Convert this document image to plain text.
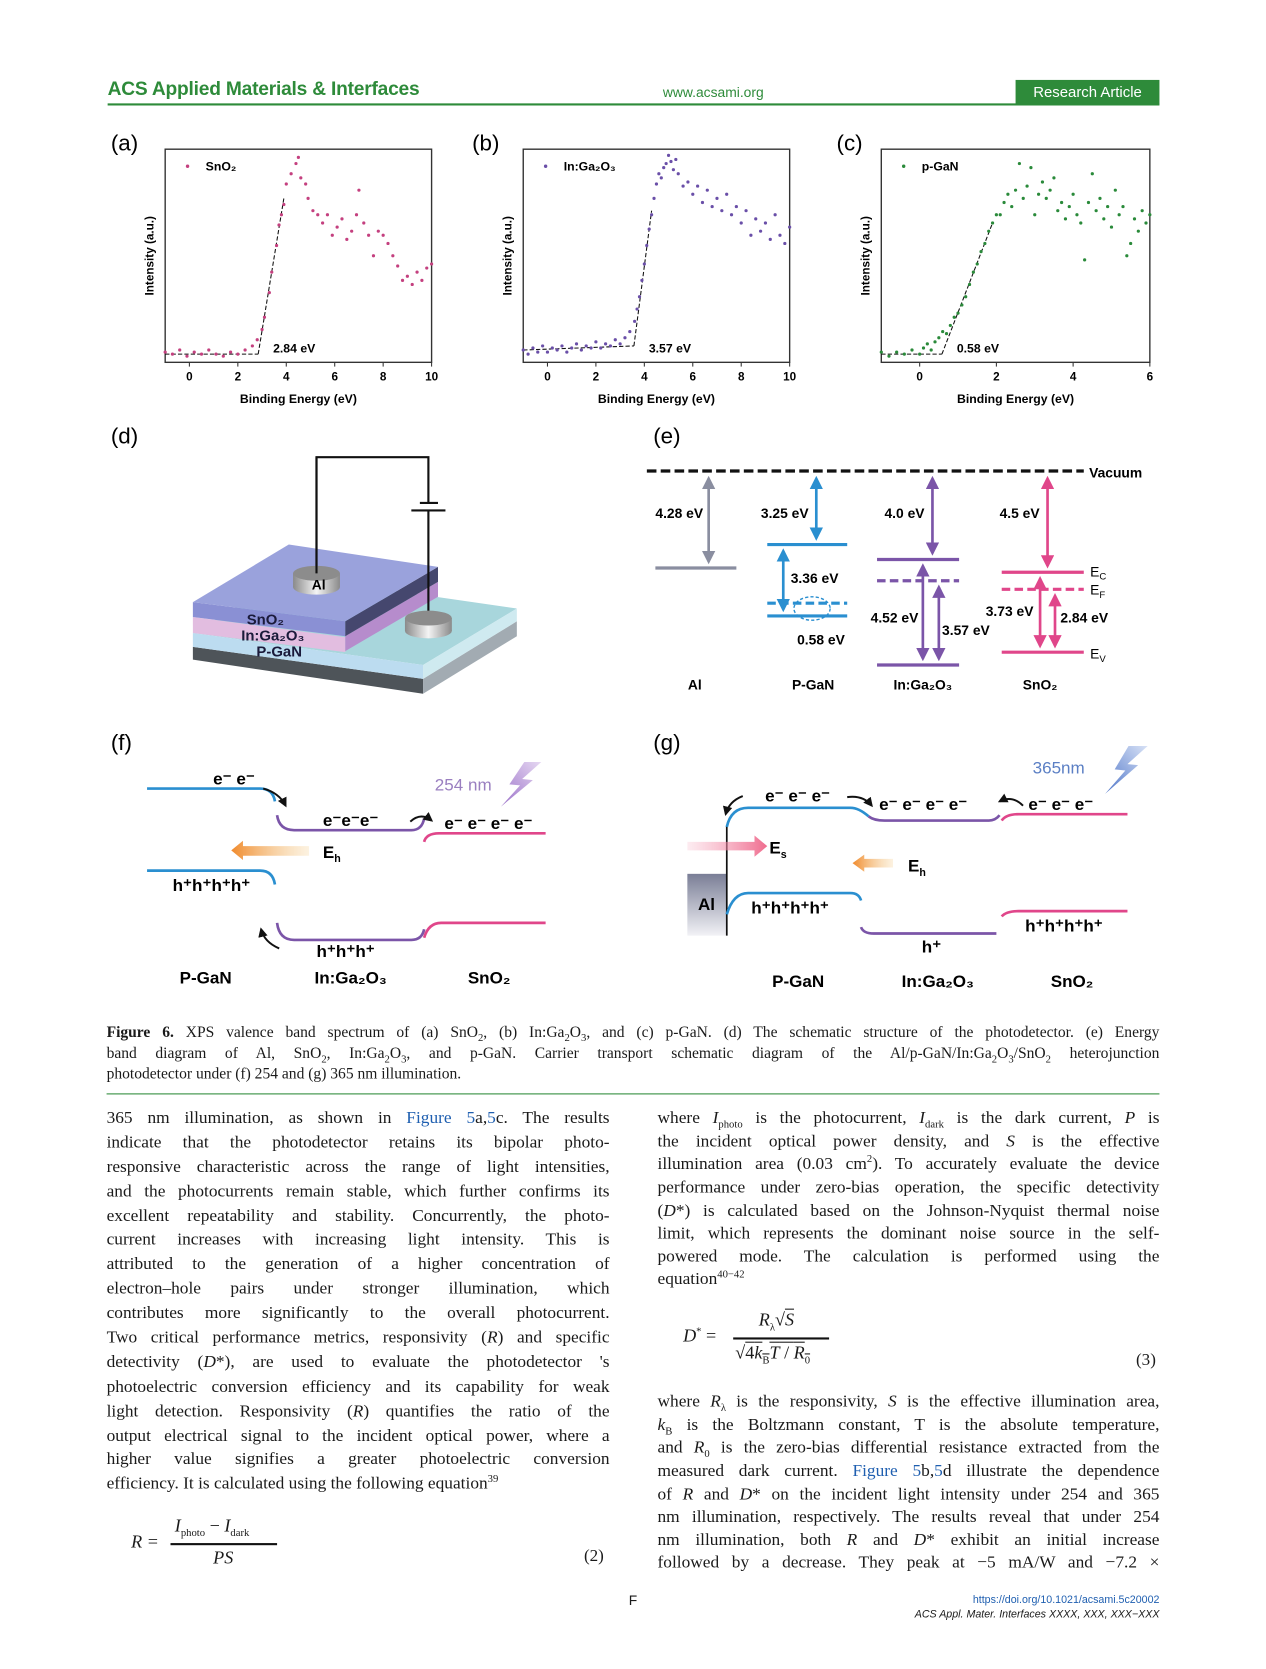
ACS Applied Materials & Interfaces	www.acsami.org	Research Article
0	2	4	6	8	10
Binding Energy (eV)
Intensity (a.u.)
SnO₂
2.84 eV
0	2	4	6	8	10
Binding Energy (eV)
Intensity (a.u.)
In:Ga₂O₃
3.57 eV
0	2	4	6
Binding Energy (eV)
Intensity (a.u.)
p-GaN
0.58 eV
(a)	(b)	(c)
(d)
Al
SnO₂
In:Ga₂O₃
P-GaN
(e)
Vacuum
4.28 eV	3.25 eV
3.36 eV
0.58 eV
4.0 eV
4.52 eV
3.57 eV
4.5 eV
3.73 eV 2.84 eV
$E_C$
$E_F$
$E_V$
Al	P-GaN	In:Ga₂O₃	SnO₂
(f)
$E_h$
e⁻ e⁻
e⁻e⁻e⁻	e⁻ e⁻ e⁻ e⁻
h⁺h⁺h⁺h⁺
h⁺h⁺h⁺
254 nm
P-GaN	In:Ga₂O₃	SnO₂
(g)
Al
$E_s$
$E_h$
e⁻ e⁻ e⁻	e⁻ e⁻ e⁻ e⁻	e⁻ e⁻ e⁻
h⁺h⁺h⁺h⁺
h⁺
h⁺h⁺h⁺h⁺
365nm
P-GaN	In:Ga₂O₃	SnO₂
Figure 6. XPS valence band spectrum of (a) SnO$_2$, (b) $In:Ga_2O_3$, and (c) p-GaN. (d) The schematic structure of the photodetector. (e) Energy
band diagram of Al, SnO$_2$, $In:Ga_2O_3$, and p-GaN. Carrier transport schematic diagram of the $Al/p-GaN/In:Ga_2O_3/SnO_2$ heterojunction
photodetector under (f) 254 and (g) 365 nm illumination.
365 nm illumination, as shown in Figure 5a,5c. The results
indicate that the photodetector retains its bipolar photo-
responsive characteristic across the range of light intensities,
and the photocurrents remain stable, which further confirms its
excellent repeatability and stability. Concurrently, the photo-
current increases with increasing light intensity. This is
attributed to the generation of a higher concentration of
electron–hole pairs under stronger illumination, which
contributes more significantly to the overall photocurrent.
Two critical performance metrics, responsivity (R) and specific
detectivity (D*), are used to evaluate the photodetector 's
photoelectric conversion efficiency and its capability for weak
light detection. Responsivity (R) quantifies the ratio of the
output electrical signal to the incident optical power, where a
higher value signifies a greater photoelectric conversion
efficiency. It is calculated using the following equation$^{39}$
R =
$I_{photo} - I_{dark}$
PS	(2)
where $I_{photo}$ is the photocurrent, $I_{dark}$ is the dark current, P is
the incident optical power density, and S is the effective
illumination area (0.03 $cm^2$). To accurately evaluate the device
performance under zero-bias operation, the specific detectivity
(D*) is calculated based on the Johnson-Nyquist thermal noise
limit, which represents the dominant noise source in the self-
powered mode. The calculation is performed using the
equation$^{40-42}$
D* =
$R_\lambda√S$
$√4k_BT / R_0$	(3)
where $R_\lambda$ is the responsivity, S is the effective illumination area,
$k_B$ is the Boltzmann constant, T is the absolute temperature,
and $R_0$ is the zero-bias differential resistance extracted from the
measured dark current. Figure 5b,5d illustrate the dependence
of R and D* on the incident light intensity under 254 and 365
nm illumination, respectively. The results reveal that under 254
nm illumination, both R and D* exhibit an initial increase
followed by a decrease. They peak at −5 mA/W and −7.2 ×
F	https://doi.org/10.1021/acsami.5c20002
ACS Appl. Mater. Interfaces XXXX, XXX, XXX−XXX
